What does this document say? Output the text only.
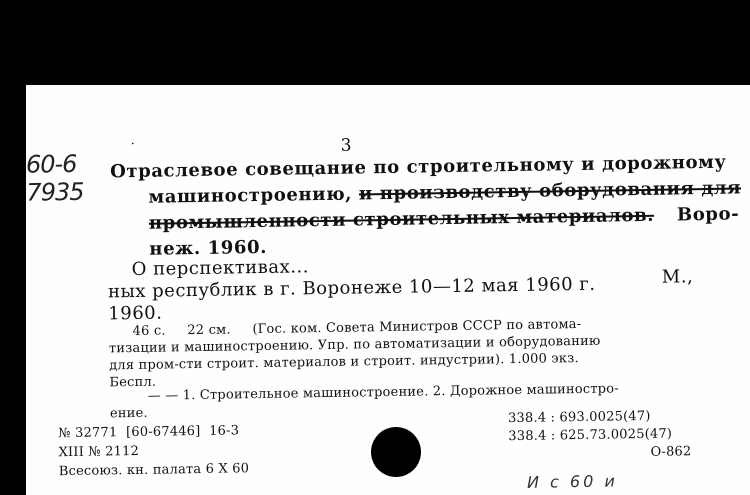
·	3
60-6
7935
Отраслевое совещание по строительному и дорожному
машиностроению, и производству оборудования для
промышленности строительных материалов. Воро-
неж. 1960.
О перспективах...
ных республик в г. Воронеже 10—12 мая 1960 г.	М.,
1960.
46 с.     22 см.     (Гос. ком. Совета Министров СССР по автома-
тизации и машиностроению. Упр. по автоматизации и оборудованию
для пром-сти строит. материалов и строит. индустрии). 1.000 экз.
Беспл.
— — 1. Строительное машиностроение. 2. Дорожное машиностро-
ение.
№ 32771  [60-67446]  16-3
XIII № 2112
Всесоюз. кн. палата 6 X 60
338.4 : 693.0025(47)
338.4 : 625.73.0025(47)
О-862
И с 60 и
